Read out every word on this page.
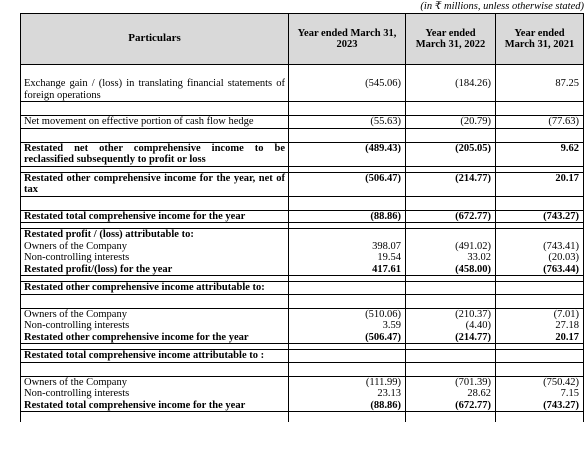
(in ₹ millions, unless otherwise stated)
Particulars	Year ended March 31, 2023	Year ended March 31, 2022	Year ended March 31, 2021

Exchange gain / (loss) in translating financial statements of foreign operations	(545.06)	(184.26)	87.25

Net movement on effective portion of cash flow hedge	(55.63)	(20.79)	(77.63)

Restated net other comprehensive income to be reclassified subsequently to profit or loss	(489.43)	(205.05)	9.62

Restated other comprehensive income for the year, net of tax	(506.47)	(214.77)	20.17

Restated total comprehensive income for the year	(88.86)	(672.77)	(743.27)

Restated profit / (loss) attributable to:			
Owners of the Company	398.07	(491.02)	(743.41)
Non-controlling interests	19.54	33.02	(20.03)
Restated profit/(loss) for the year	417.61	(458.00)	(763.44)

Restated other comprehensive income attributable to:			

Owners of the Company	(510.06)	(210.37)	(7.01)
Non-controlling interests	3.59	(4.40)	27.18
Restated other comprehensive income for the year	(506.47)	(214.77)	20.17

Restated total comprehensive income attributable to :			

Owners of the Company	(111.99)	(701.39)	(750.42)
Non-controlling interests	23.13	28.62	7.15
Restated total comprehensive income for the year	(88.86)	(672.77)	(743.27)
